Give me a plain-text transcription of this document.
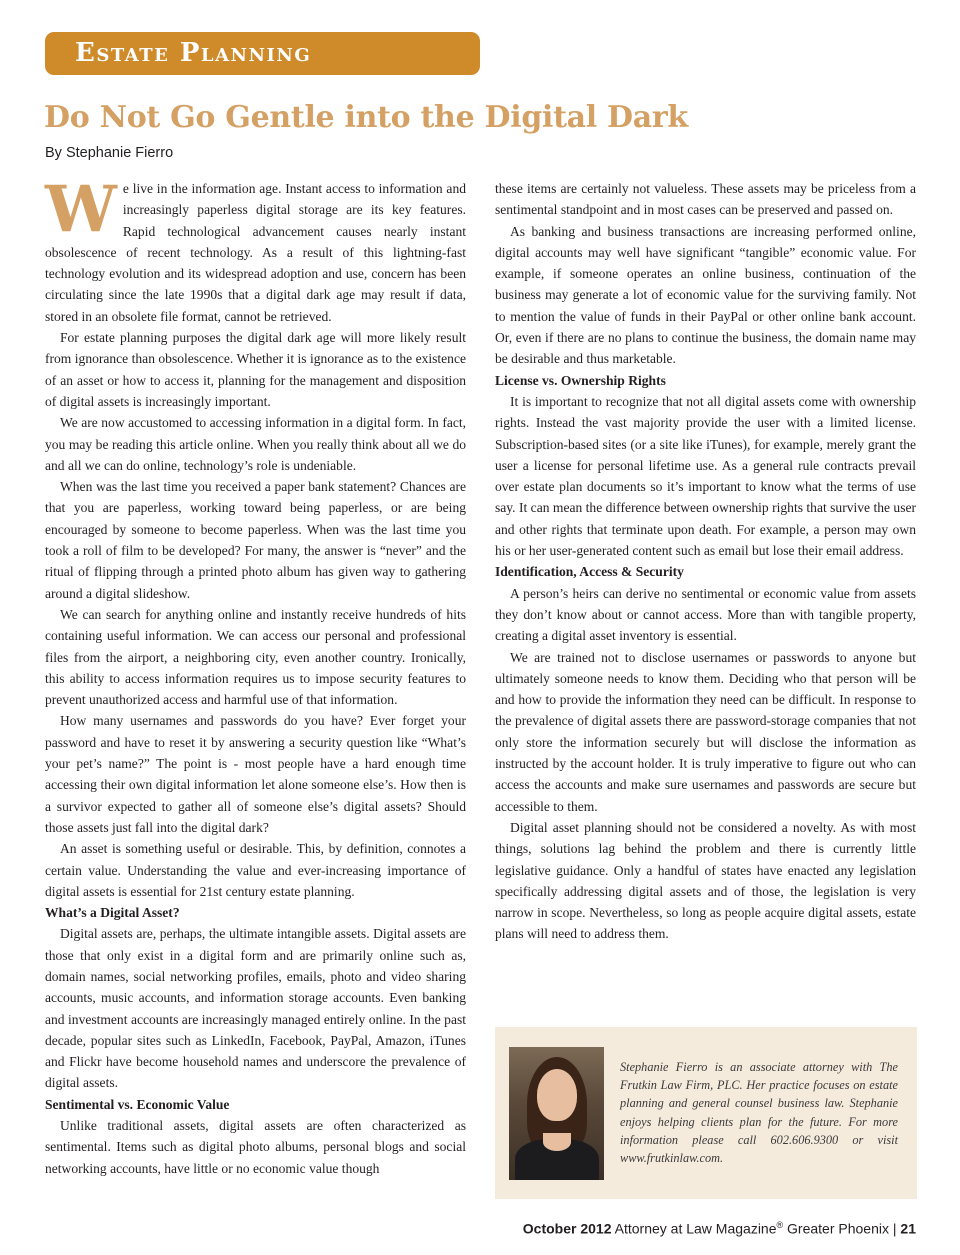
Estate Planning
Do Not Go Gentle into the Digital Dark
By Stephanie Fierro

We live in the information age. Instant access to information and increasingly paperless digital storage are its key features. Rapid technological advancement causes nearly instant obsolescence of recent technology. As a result of this lightning-fast technology evolution and its widespread adoption and use, concern has been circulating since the late 1990s that a digital dark age may result if data, stored in an obsolete file format, cannot be retrieved.

For estate planning purposes the digital dark age will more likely result from ignorance than obsolescence. Whether it is ignorance as to the existence of an asset or how to access it, planning for the management and disposition of digital assets is increasingly important.

We are now accustomed to accessing information in a digital form. In fact, you may be reading this article online. When you really think about all we do and all we can do online, technology’s role is undeniable.

When was the last time you received a paper bank statement? Chances are that you are paperless, working toward being paperless, or are being encouraged by someone to become paperless. When was the last time you took a roll of film to be developed? For many, the answer is “never” and the ritual of flipping through a printed photo album has given way to gathering around a digital slideshow.

We can search for anything online and instantly receive hundreds of hits containing useful information. We can access our personal and professional files from the airport, a neighboring city, even another country. Ironically, this ability to access information requires us to impose security features to prevent unauthorized access and harmful use of that information.

How many usernames and passwords do you have? Ever forget your password and have to reset it by answering a security question like “What’s your pet’s name?” The point is - most people have a hard enough time accessing their own digital information let alone someone else’s. How then is a survivor expected to gather all of someone else’s digital assets? Should those assets just fall into the digital dark?

An asset is something useful or desirable. This, by definition, connotes a certain value. Understanding the value and ever-increasing importance of digital assets is essential for 21st century estate planning.

What’s a Digital Asset?

Digital assets are, perhaps, the ultimate intangible assets. Digital assets are those that only exist in a digital form and are primarily online such as, domain names, social networking profiles, emails, photo and video sharing accounts, music accounts, and information storage accounts. Even banking and investment accounts are increasingly managed entirely online. In the past decade, popular sites such as LinkedIn, Facebook, PayPal, Amazon, iTunes and Flickr have become household names and underscore the prevalence of digital assets.

Sentimental vs. Economic Value

Unlike traditional assets, digital assets are often characterized as sentimental. Items such as digital photo albums, personal blogs and social networking accounts, have little or no economic value though

these items are certainly not valueless. These assets may be priceless from a sentimental standpoint and in most cases can be preserved and passed on.

As banking and business transactions are increasing performed online, digital accounts may well have significant “tangible” economic value. For example, if someone operates an online business, continuation of the business may generate a lot of economic value for the surviving family. Not to mention the value of funds in their PayPal or other online bank account. Or, even if there are no plans to continue the business, the domain name may be desirable and thus marketable.

License vs. Ownership Rights

It is important to recognize that not all digital assets come with ownership rights. Instead the vast majority provide the user with a limited license. Subscription-based sites (or a site like iTunes), for example, merely grant the user a license for personal lifetime use. As a general rule contracts prevail over estate plan documents so it’s important to know what the terms of use say. It can mean the difference between ownership rights that survive the user and other rights that terminate upon death. For example, a person may own his or her user-generated content such as email but lose their email address.

Identification, Access & Security

A person’s heirs can derive no sentimental or economic value from assets they don’t know about or cannot access. More than with tangible property, creating a digital asset inventory is essential.

We are trained not to disclose usernames or passwords to anyone but ultimately someone needs to know them. Deciding who that person will be and how to provide the information they need can be difficult. In response to the prevalence of digital assets there are password-storage companies that not only store the information securely but will disclose the information as instructed by the account holder. It is truly imperative to figure out who can access the accounts and make sure usernames and passwords are secure but accessible to them.

Digital asset planning should not be considered a novelty. As with most things, solutions lag behind the problem and there is currently little legislative guidance. Only a handful of states have enacted any legislation specifically addressing digital assets and of those, the legislation is very narrow in scope. Nevertheless, so long as people acquire digital assets, estate plans will need to address them.

Stephanie Fierro is an associate attorney with The Frutkin Law Firm, PLC. Her practice focuses on estate planning and general counsel business law. Stephanie enjoys helping clients plan for the future. For more information please call 602.606.9300 or visit www.frutkinlaw.com.

October 2012 Attorney at Law Magazine® Greater Phoenix | 21
